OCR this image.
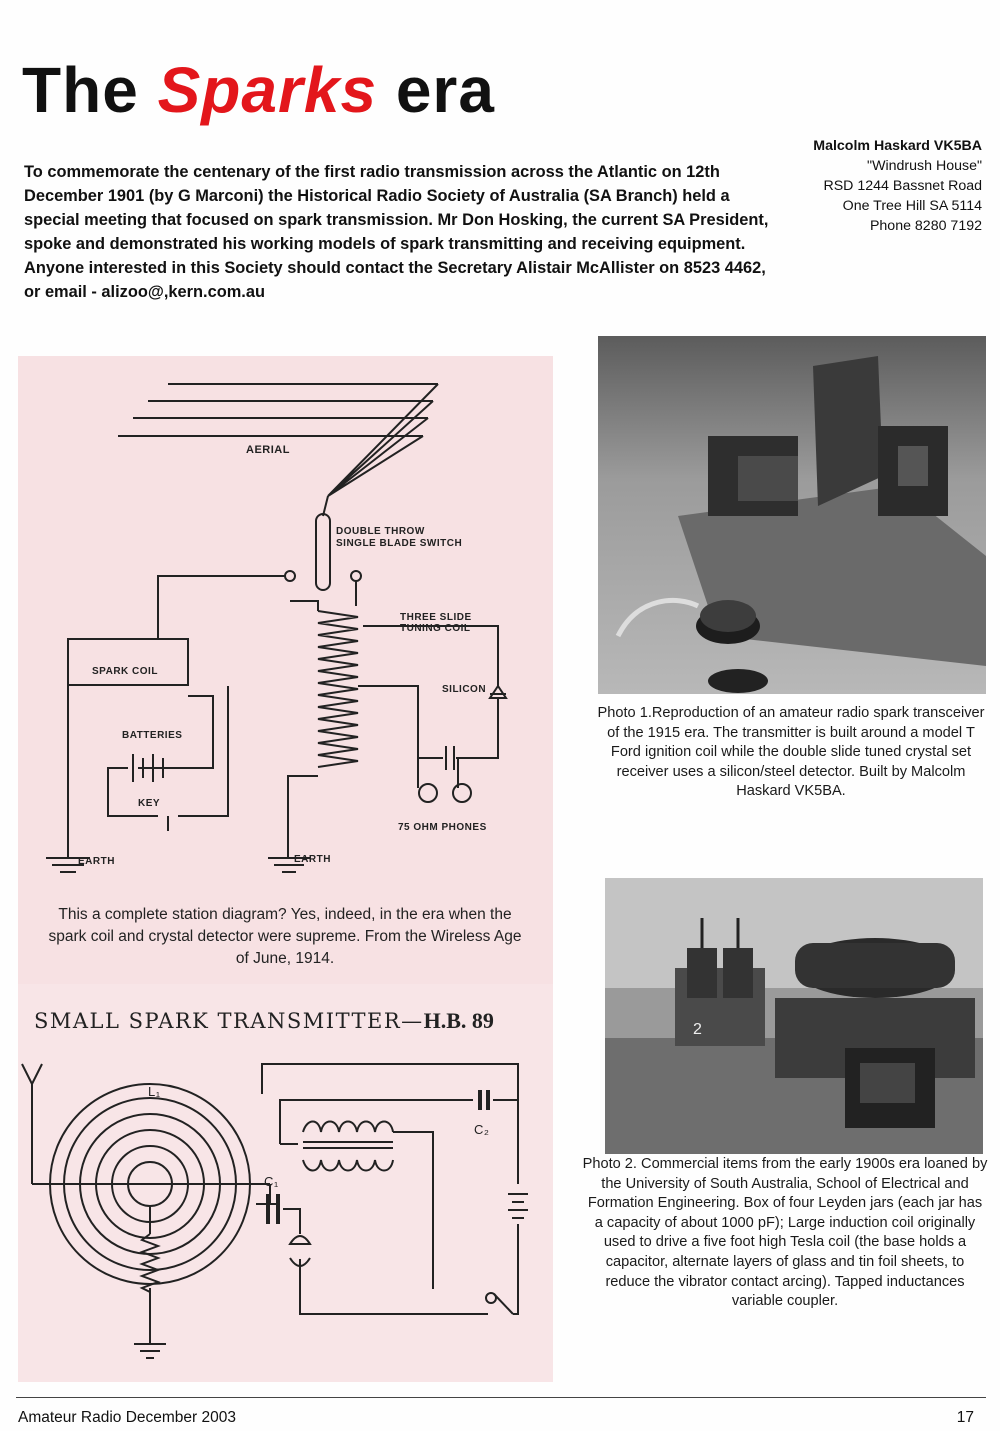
The Sparks era
Malcolm Haskard VK5BA
"Windrush House"
RSD 1244 Bassnet Road
One Tree Hill SA 5114
Phone 8280 7192
To commemorate the centenary of the first radio transmission across the Atlantic on 12th December 1901 (by G Marconi) the Historical Radio Society of Australia (SA Branch) held a special meeting that focused on spark transmission. Mr Don Hosking, the current SA President, spoke and demonstrated his working models of spark transmitting and receiving equipment. Anyone interested in this Society should contact the Secretary Alistair McAllister on 8523 4462, or email - alizoo@,kern.com.au
AERIAL
DOUBLE THROW
SINGLE BLADE SWITCH
THREE SLIDE
TUNING COIL
SPARK COIL
SILICON
BATTERIES
KEY
75 OHM PHONES
EARTH	EARTH
This a complete station diagram? Yes, indeed, in the era when the spark coil and crystal detector were supreme. From the Wireless Age of June, 1914.
SMALL SPARK TRANSMITTER—H.B. 89
L₁
C₁
C₂
Photo 1.Reproduction of an amateur radio spark transceiver of the 1915 era. The transmitter is built around a model T Ford ignition coil while the double slide tuned crystal set receiver uses a silicon/steel detector. Built by Malcolm Haskard VK5BA.
2
Photo 2. Commercial items from the early 1900s era loaned by the University of South Australia, School of Electrical and Formation Engineering. Box of four Leyden jars (each jar has a capacity of about 1000 pF); Large induction coil originally used to drive a five foot high Tesla coil (the base holds a capacitor, alternate layers of glass and tin foil sheets, to reduce the vibrator contact arcing). Tapped inductances variable coupler.
Amateur Radio December 2003	17
